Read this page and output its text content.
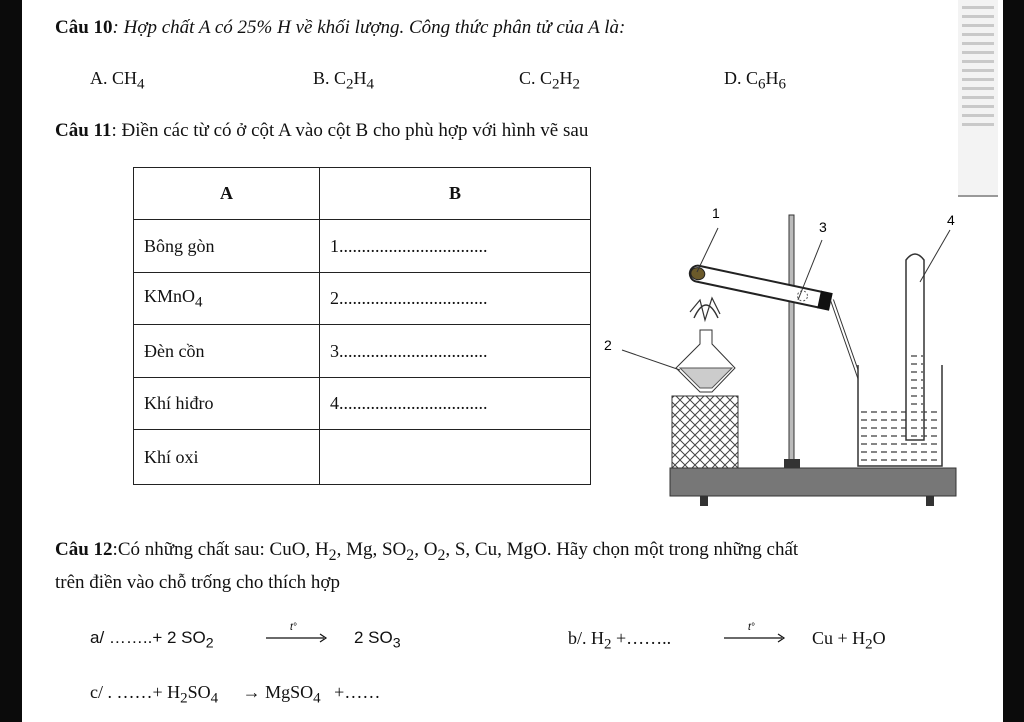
Câu 10: Hợp chất A có 25% H về khối lượng. Công thức phân tử của A là:
A. $CH_4$	B. $C_2H_4$	C. $C_2H_2$	D. $C_6H_6$
Câu 11: Điền các từ có ở cột A vào cột B cho phù hợp với hình vẽ sau
A	B
Bông gòn	1.................................
KMnO$_4$	2.................................
Đèn cồn	3.................................
Khí hiđro	4.................................
Khí oxi	
1
2
3	4
Câu 12:Có những chất sau: CuO, $H_2$, Mg, $SO_2$, $O_2$, S, Cu, MgO. Hãy chọn một trong những chất
trên điền vào chỗ trống cho thích hợp
a/ ……..+ 2 $SO_2$
t°
2 $SO_3$	b/. $H_2$ +……..
t°
$Cu + H_2O$
c/ . ……+ $H_2SO_4$ → MgSO$_4$   +……
